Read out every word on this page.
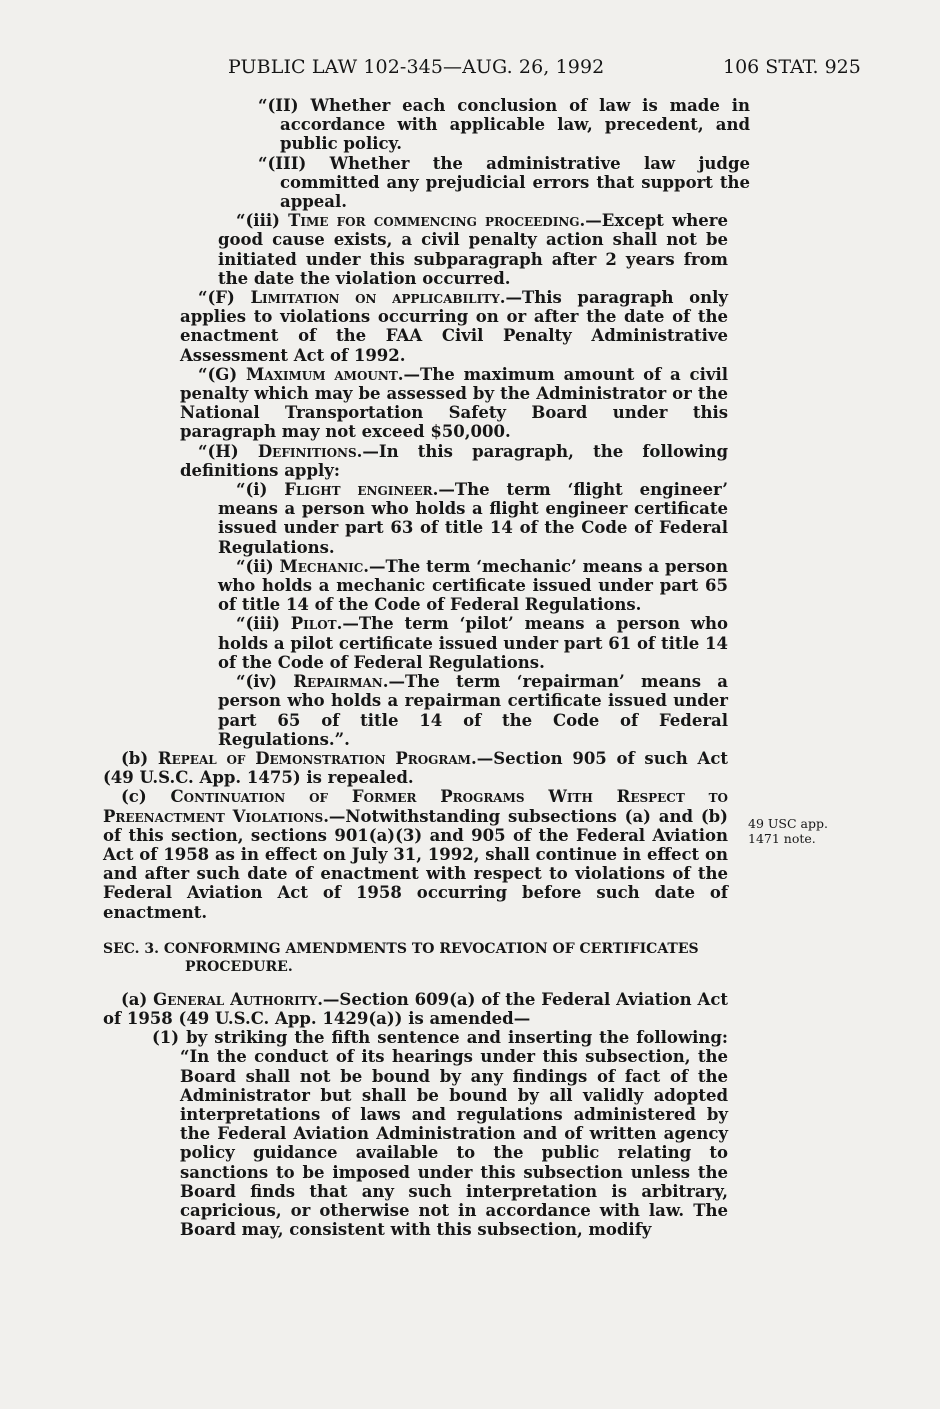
PUBLIC LAW 102-345—AUG. 26, 1992	106 STAT. 925

“(II) Whether each conclusion of law is made in accordance with applicable law, precedent, and public policy.

“(III) Whether the administrative law judge committed any prejudicial errors that support the appeal.

“(iii) Time for commencing proceeding.—Except where good cause exists, a civil penalty action shall not be initiated under this subparagraph after 2 years from the date the violation occurred.

“(F) Limitation on applicability.—This paragraph only applies to violations occurring on or after the date of the enactment of the FAA Civil Penalty Administrative Assessment Act of 1992.

“(G) Maximum amount.—The maximum amount of a civil penalty which may be assessed by the Administrator or the National Transportation Safety Board under this paragraph may not exceed $50,000.

“(H) Definitions.—In this paragraph, the following definitions apply:

“(i) Flight engineer.—The term ‘flight engineer’ means a person who holds a flight engineer certificate issued under part 63 of title 14 of the Code of Federal Regulations.

“(ii) Mechanic.—The term ‘mechanic’ means a person who holds a mechanic certificate issued under part 65 of title 14 of the Code of Federal Regulations.

“(iii) Pilot.—The term ‘pilot’ means a person who holds a pilot certificate issued under part 61 of title 14 of the Code of Federal Regulations.

“(iv) Repairman.—The term ‘repairman’ means a person who holds a repairman certificate issued under part 65 of title 14 of the Code of Federal Regulations.”.

(b) Repeal of Demonstration Program.—Section 905 of such Act (49 U.S.C. App. 1475) is repealed.

(c) Continuation of Former Programs With Respect to Preenactment Violations.—Notwithstanding subsections (a) and (b) of this section, sections 901(a)(3) and 905 of the Federal Aviation Act of 1958 as in effect on July 31, 1992, shall continue in effect on and after such date of enactment with respect to violations of the Federal Aviation Act of 1958 occurring before such date of enactment.

SEC. 3. CONFORMING AMENDMENTS TO REVOCATION OF CERTIFICATES PROCEDURE.

(a) General Authority.—Section 609(a) of the Federal Aviation Act of 1958 (49 U.S.C. App. 1429(a)) is amended—

(1) by striking the fifth sentence and inserting the following: “In the conduct of its hearings under this subsection, the Board shall not be bound by any findings of fact of the Administrator but shall be bound by all validly adopted interpretations of laws and regulations administered by the Federal Aviation Administration and of written agency policy guidance available to the public relating to sanctions to be imposed under this subsection unless the Board finds that any such interpretation is arbitrary, capricious, or otherwise not in accordance with law. The Board may, consistent with this subsection, modify

49 USC app. 1471 note.
